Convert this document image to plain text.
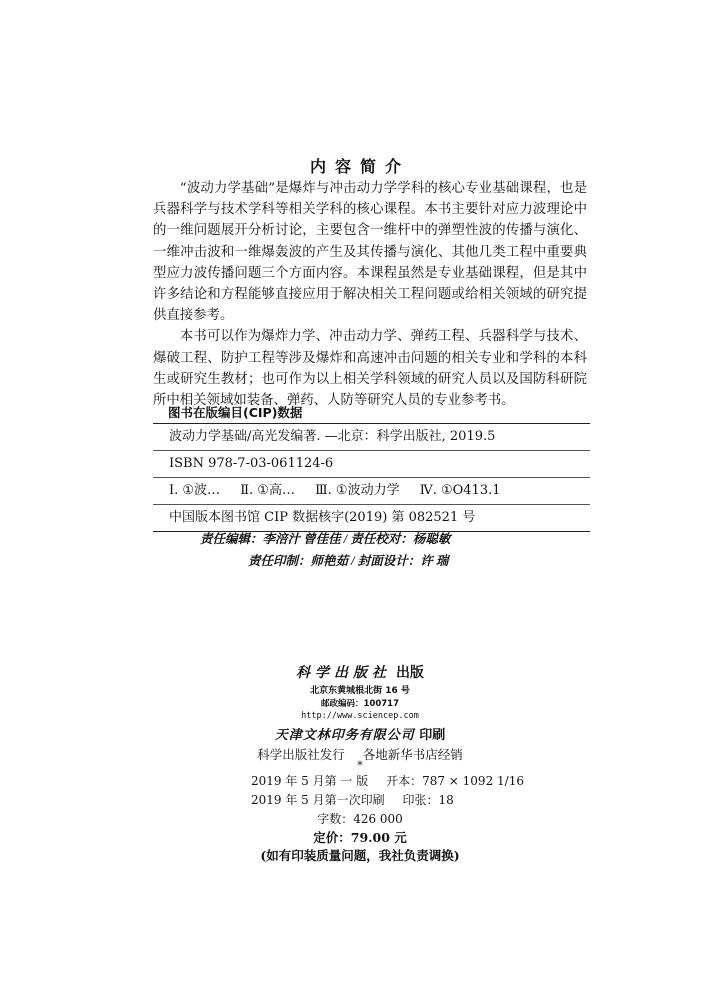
内容简介

“波动力学基础”是爆炸与冲击动力学学科的核心专业基础课程，也是兵器科学与技术学科等相关学科的核心课程。本书主要针对应力波理论中的一维问题展开分析讨论，主要包含一维杆中的弹塑性波的传播与演化、一维冲击波和一维爆轰波的产生及其传播与演化、其他几类工程中重要典型应力波传播问题三个方面内容。本课程虽然是专业基础课程，但是其中许多结论和方程能够直接应用于解决相关工程问题或给相关领域的研究提供直接参考。

本书可以作为爆炸力学、冲击动力学、弹药工程、兵器科学与技术、爆破工程、防护工程等涉及爆炸和高速冲击问题的相关专业和学科的本科生或研究生教材；也可作为以上相关学科领域的研究人员以及国防科研院所中相关领域如装备、弹药、人防等研究人员的专业参考书。

图书在版编目(CIP)数据
波动力学基础/高光发编著. —北京：科学出版社, 2019.5
ISBN 978-7-03-061124-6
Ⅰ. ①波… Ⅱ. ①高… Ⅲ. ①波动力学 Ⅳ. ①O413.1
中国版本图书馆 CIP 数据核字(2019) 第 082521 号
责任编辑：李涪汁 曾佳佳 / 责任校对：杨聪敏
责任印制：师艳茹 / 封面设计：许 瑞
科学出版社 出版
北京东黄城根北街 16 号
邮政编码：100717
http://www.sciencep.com
天津文林印务有限公司 印刷
科学出版社发行 各地新华书店经销
*
2019 年 5 月第 一 版 开本：787 × 1092 1/16
2019 年 5 月第一次印刷 印张：18
字数：426 000
定价：79.00 元
(如有印装质量问题，我社负责调换)
